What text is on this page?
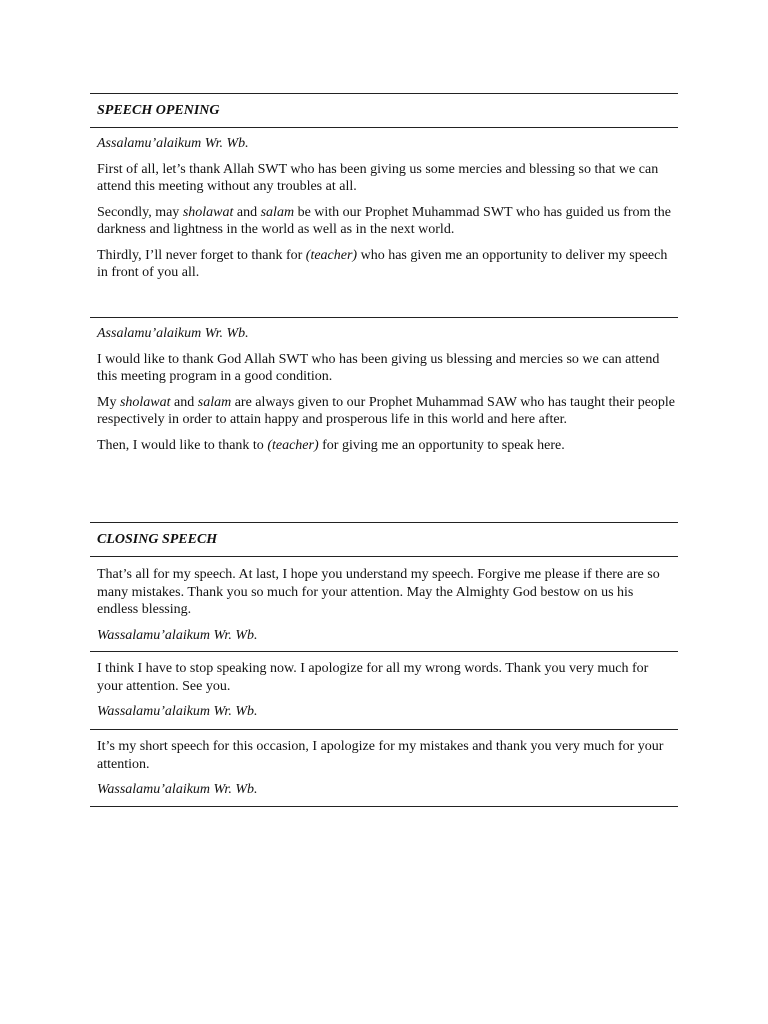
SPEECH OPENING

Assalamu’alaikum Wr. Wb.

First of all, let’s thank Allah SWT who has been giving us some mercies and blessing so that we can attend this meeting without any troubles at all.

Secondly, may sholawat and salam be with our Prophet Muhammad SWT who has guided us from the darkness and lightness in the world as well as in the next world.

Thirdly, I’ll never forget to thank for (teacher) who has given me an opportunity to deliver my speech in front of you all.

Assalamu’alaikum Wr. Wb.

I would like to thank God Allah SWT who has been giving us blessing and mercies so we can attend this meeting program in a good condition.

My sholawat and salam are always given to our Prophet Muhammad SAW who has taught their people respectively in order to attain happy and prosperous life in this world and here after.

Then, I would like to thank to (teacher) for giving me an opportunity to speak here.

CLOSING SPEECH

That’s all for my speech. At last, I hope you understand my speech. Forgive me please if there are so many mistakes. Thank you so much for your attention. May the Almighty God bestow on us his endless blessing.

Wassalamu’alaikum Wr. Wb.

I think I have to stop speaking now. I apologize for all my wrong words. Thank you very much for your attention. See you.

Wassalamu’alaikum Wr. Wb.

It’s my short speech for this occasion, I apologize for my mistakes and thank you very much for your attention.

Wassalamu’alaikum Wr. Wb.
